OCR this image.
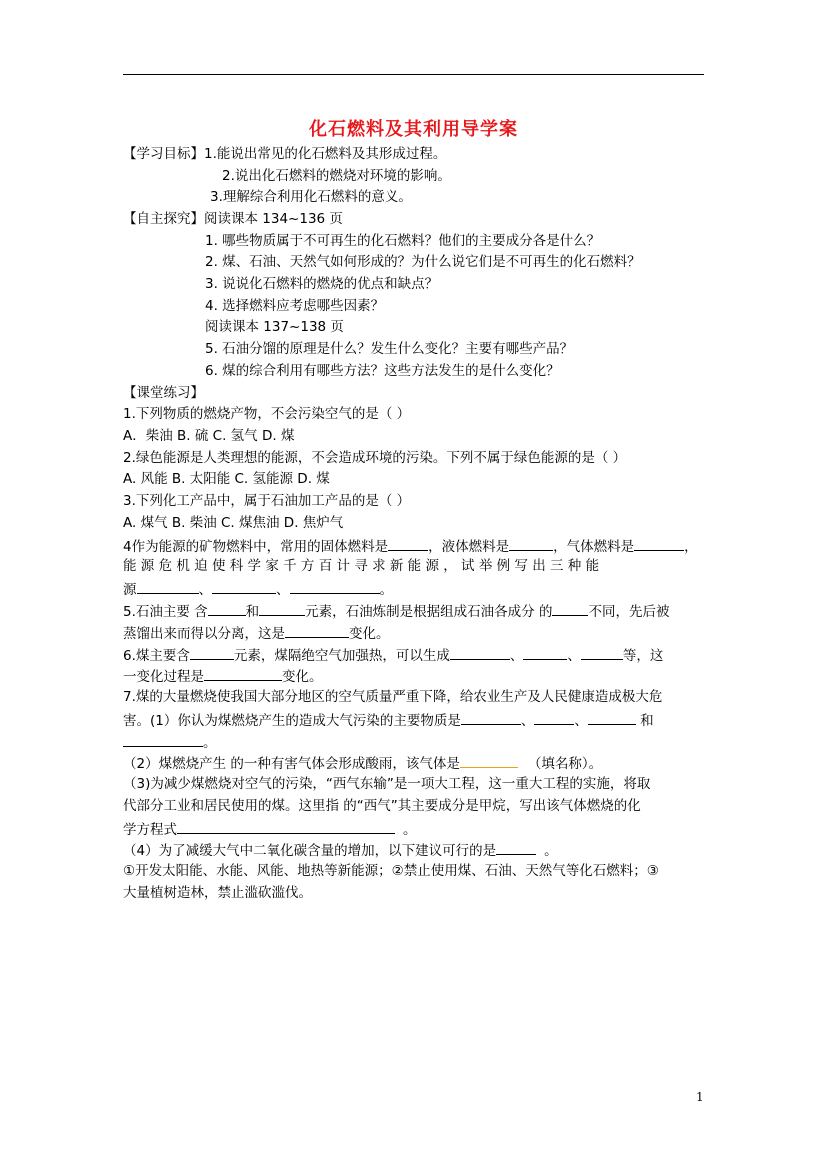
化石燃料及其利用导学案
【学习目标】1.能说出常见的化石燃料及其形成过程。
2.说出化石燃料的燃烧对环境的影响。
3.理解综合利用化石燃料的意义。
【自主探究】阅读课本 134~136 页
1. 哪些物质属于不可再生的化石燃料？他们的主要成分各是什么？
2. 煤、石油、天然气如何形成的？为什么说它们是不可再生的化石燃料？
3. 说说化石燃料的燃烧的优点和缺点？
4. 选择燃料应考虑哪些因素？
阅读课本 137~138 页
5. 石油分馏的原理是什么？发生什么变化？主要有哪些产品？
6. 煤的综合利用有哪些方法？这些方法发生的是什么变化？
【课堂练习】
1.下列物质的燃烧产物，不会污染空气的是（ ）
A．柴油 B. 硫 C. 氢气 D. 煤
2.绿色能源是人类理想的能源，不会造成环境的污染。下列不属于绿色能源的是（ ）
A. 风能 B. 太阳能 C. 氢能源 D. 煤
3.下列化工产品中，属于石油加工产品的是（ ）
A. 煤气 B. 柴油 C. 煤焦油 D. 焦炉气
4作为能源的矿物燃料中，常用的固体燃料是	，液体燃料是	，气体燃料是	，
能 源 危 机 迫 使 科 学 家 千 方 百 计 寻 求 新 能 源 ， 试 举 例 写 出 三 种 能
源	、	、	。
5.石油主要 含	和	元素，石油炼制是根据组成石油各成分 的	不同，先后被
蒸馏出来而得以分离，这是	变化。
6.煤主要含	元素，煤隔绝空气加强热，可以生成	、	、	等，这
一变化过程是	变化。
7.煤的大量燃烧使我国大部分地区的空气质量严重下降，给农业生产及人民健康造成极大危
害。(1）你认为煤燃烧产生的造成大气污染的主要物质是	、	、	和
。
（2）煤燃烧产生 的一种有害气体会形成酸雨，该气体是	（填名称）。
（3)为减少煤燃烧对空气的污染，“西气东输”是一项大工程，这一重大工程的实施，将取
代部分工业和居民使用的煤。这里指 的“西气”其主要成分是甲烷，写出该气体燃烧的化
学方程式	。
（4）为了减缓大气中二氧化碳含量的增加，以下建议可行的是	。
①开发太阳能、水能、风能、地热等新能源；②禁止使用煤、石油、天然气等化石燃料；③
大量植树造林，禁止滥砍滥伐。
1
